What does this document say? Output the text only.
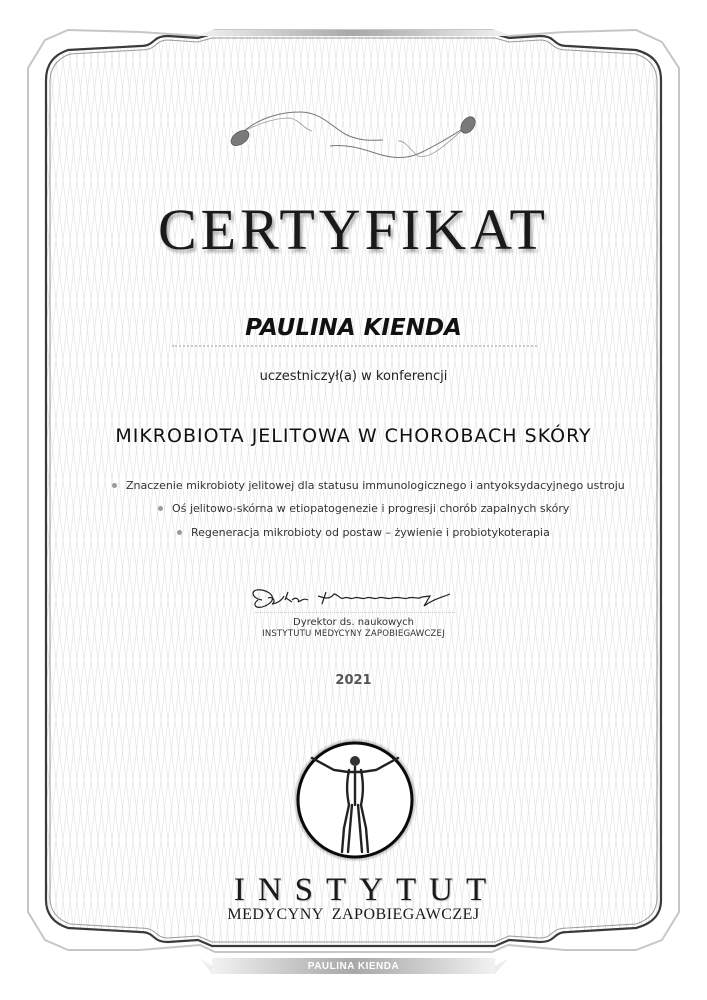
CERTYFIKAT
PAULINA KIENDA
uczestniczył(a) w konferencji
MIKROBIOTA JELITOWA W CHOROBACH SKÓRY
Znaczenie mikrobioty jelitowej dla statusu immunologicznego i antyoksydacyjnego ustroju
Oś jelitowo-skórna w etiopatogenezie i progresji chorób zapalnych skóry
Regeneracja mikrobioty od postaw – żywienie i probiotykoterapia
Dyrektor ds. naukowych
INSTYTUTU MEDYCYNY ZAPOBIEGAWCZEJ
2021
INSTYTUT
MEDYCYNY ZAPOBIEGAWCZEJ
PAULINA KIENDA
